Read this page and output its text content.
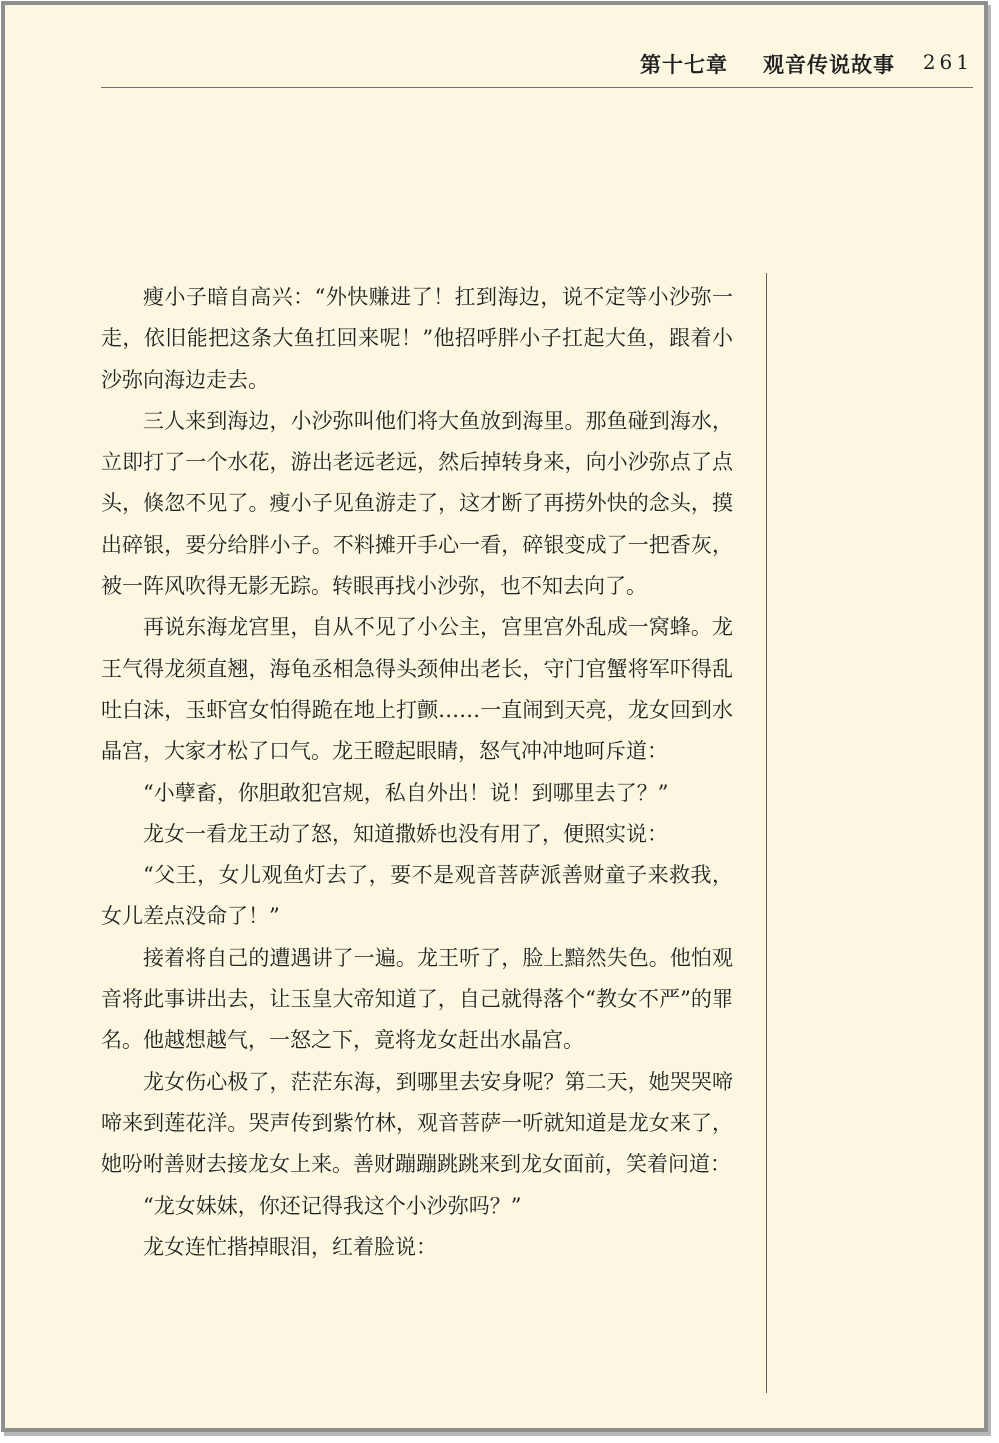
第十七章 观音传说故事 261

瘦小子暗自高兴：“外快赚进了！扛到海边，说不定等小沙弥一走，依旧能把这条大鱼扛回来呢！”他招呼胖小子扛起大鱼，跟着小沙弥向海边走去。

三人来到海边，小沙弥叫他们将大鱼放到海里。那鱼碰到海水，立即打了一个水花，游出老远老远，然后掉转身来，向小沙弥点了点头，倏忽不见了。瘦小子见鱼游走了，这才断了再捞外快的念头，摸出碎银，要分给胖小子。不料摊开手心一看，碎银变成了一把香灰，被一阵风吹得无影无踪。转眼再找小沙弥，也不知去向了。

再说东海龙宫里，自从不见了小公主，宫里宫外乱成一窝蜂。龙王气得龙须直翘，海龟丞相急得头颈伸出老长，守门官蟹将军吓得乱吐白沫，玉虾宫女怕得跪在地上打颤……一直闹到天亮，龙女回到水晶宫，大家才松了口气。龙王瞪起眼睛，怒气冲冲地呵斥道：

“小孽畜，你胆敢犯宫规，私自外出！说！到哪里去了？”

龙女一看龙王动了怒，知道撒娇也没有用了，便照实说：

“父王，女儿观鱼灯去了，要不是观音菩萨派善财童子来救我，女儿差点没命了！”

接着将自己的遭遇讲了一遍。龙王听了，脸上黯然失色。他怕观音将此事讲出去，让玉皇大帝知道了，自己就得落个“教女不严”的罪名。他越想越气，一怒之下，竟将龙女赶出水晶宫。

龙女伤心极了，茫茫东海，到哪里去安身呢？第二天，她哭哭啼啼来到莲花洋。哭声传到紫竹林，观音菩萨一听就知道是龙女来了，她吩咐善财去接龙女上来。善财蹦蹦跳跳来到龙女面前，笑着问道：

“龙女妹妹，你还记得我这个小沙弥吗？”

龙女连忙揩掉眼泪，红着脸说：
